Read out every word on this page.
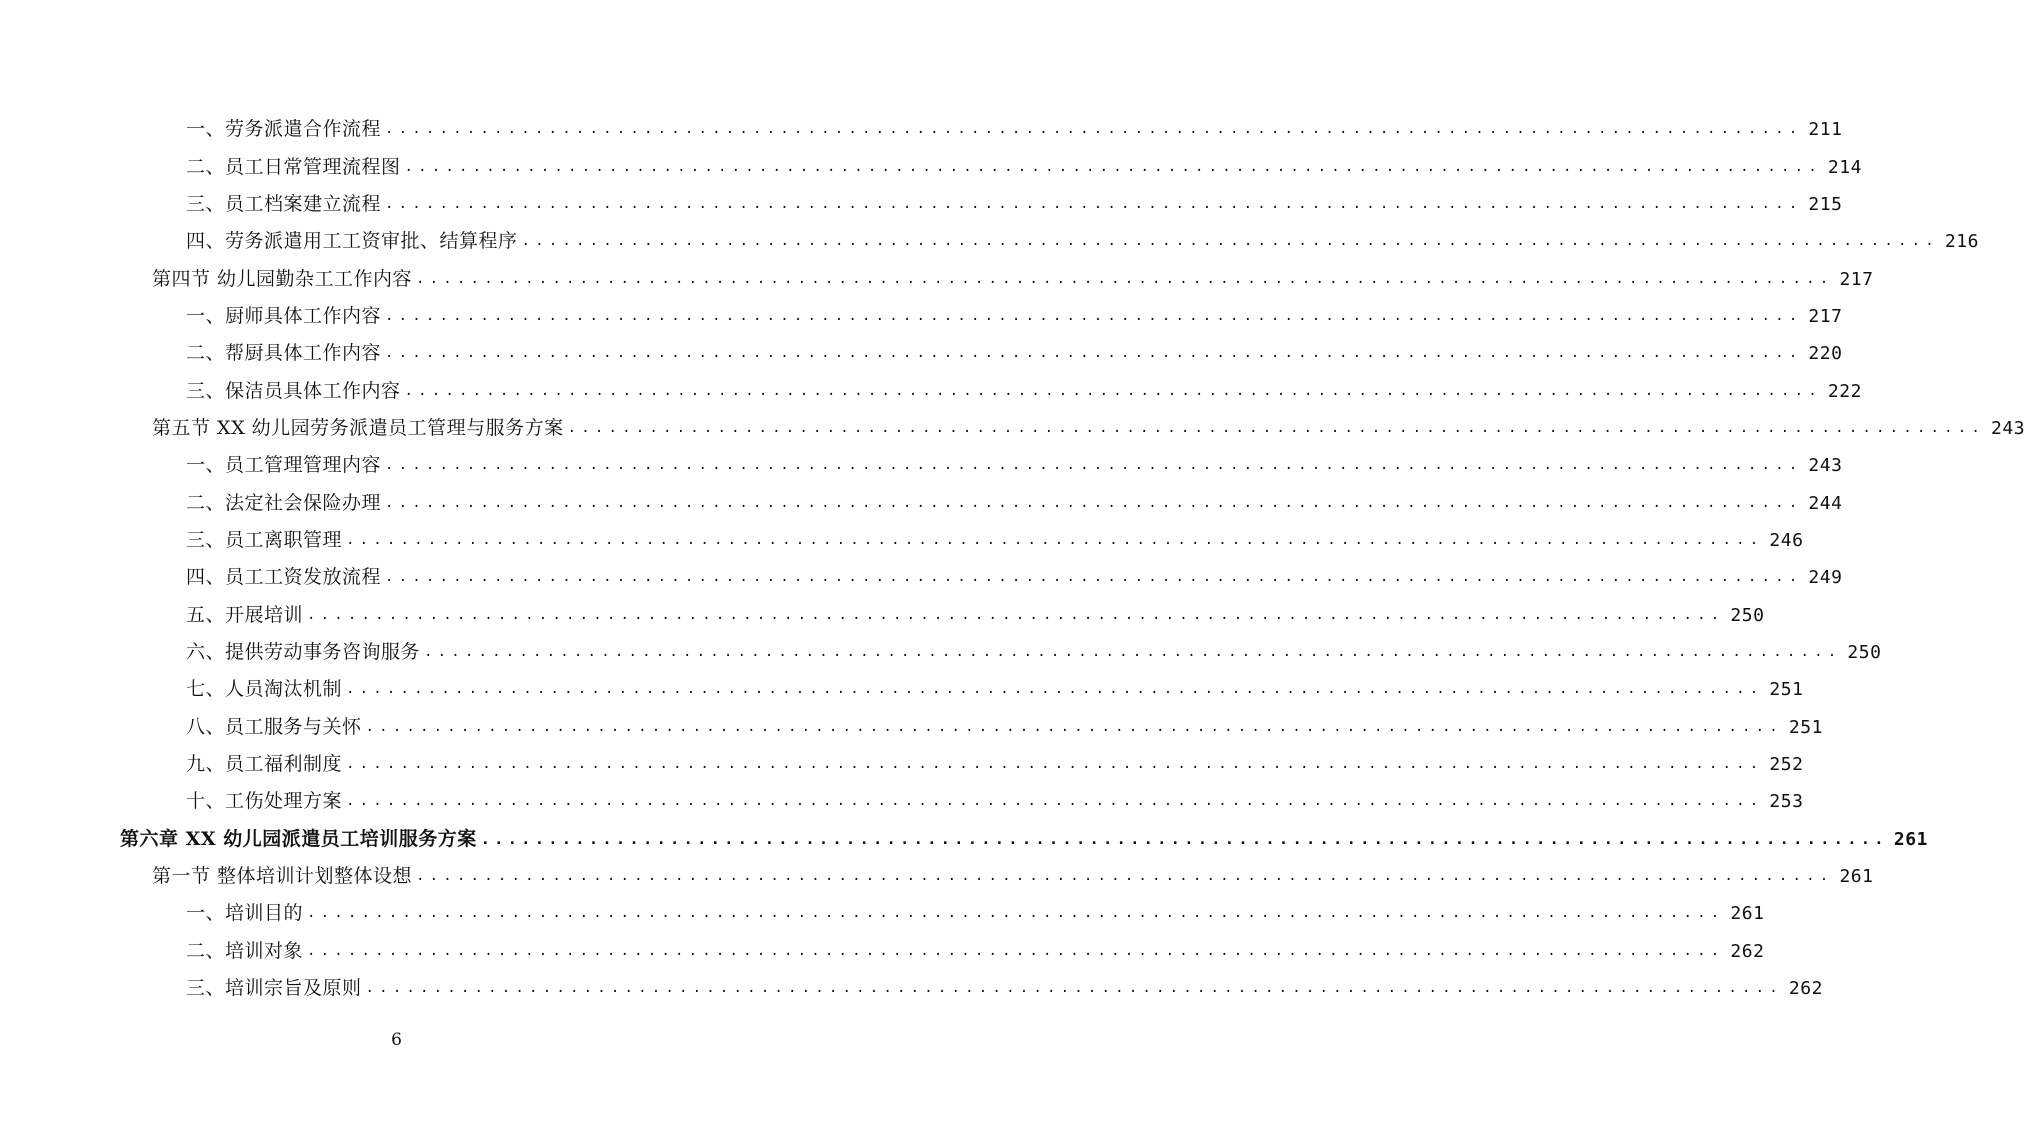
一、劳务派遣合作流程 ........................................................................................................ 211
二、员工日常管理流程图 ........................................................................................................ 214
三、员工档案建立流程 ........................................................................................................ 215
四、劳务派遣用工工资审批、结算程序 ........................................................................................................ 216
第四节 幼儿园勤杂工工作内容 ........................................................................................................ 217
一、厨师具体工作内容 ........................................................................................................ 217
二、帮厨具体工作内容 ........................................................................................................ 220
三、保洁员具体工作内容 ........................................................................................................ 222
第五节 XX 幼儿园劳务派遣员工管理与服务方案 ........................................................................................................ 243
一、员工管理管理内容 ........................................................................................................ 243
二、法定社会保险办理 ........................................................................................................ 244
三、员工离职管理 ........................................................................................................ 246
四、员工工资发放流程 ........................................................................................................ 249
五、开展培训 ........................................................................................................ 250
六、提供劳动事务咨询服务 ........................................................................................................ 250
七、人员淘汰机制 ........................................................................................................ 251
八、员工服务与关怀 ........................................................................................................ 251
九、员工福利制度 ........................................................................................................ 252
十、工伤处理方案 ........................................................................................................ 253
第六章 XX 幼儿园派遣员工培训服务方案 ........................................................................................................ 261
第一节 整体培训计划整体设想 ........................................................................................................ 261
一、培训目的 ........................................................................................................ 261
二、培训对象 ........................................................................................................ 262
三、培训宗旨及原则 ........................................................................................................ 262
6
